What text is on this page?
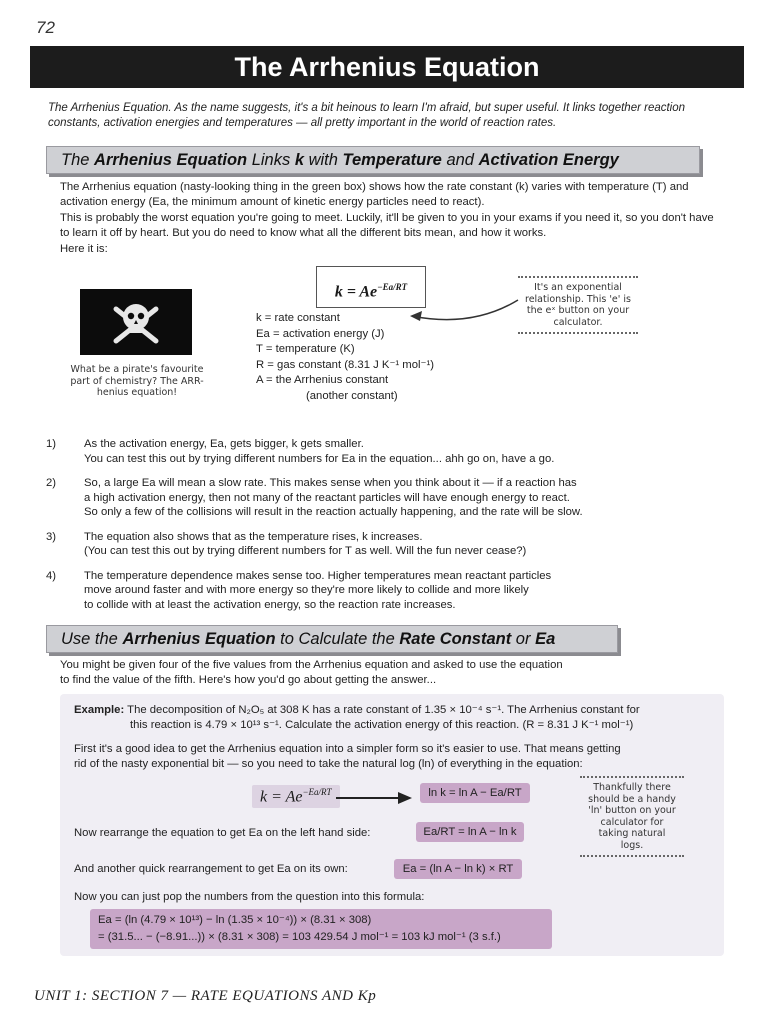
72
The Arrhenius Equation
The Arrhenius Equation. As the name suggests, it's a bit heinous to learn I'm afraid, but super useful. It links together reaction constants, activation energies and temperatures — all pretty important in the world of reaction rates.
The Arrhenius Equation Links k with Temperature and Activation Energy

The Arrhenius equation (nasty-looking thing in the green box) shows how the rate constant (k) varies with temperature (T) and activation energy (Ea, the minimum amount of kinetic energy particles need to react).

This is probably the worst equation you're going to meet. Luckily, it'll be given to you in your exams if you need it, so you don't have to learn it off by heart. But you do need to know what all the different bits mean, and how it works.

Here it is:

What be a pirate's favourite part of chemistry? The ARR-henius equation!
$k = Ae^{-Ea/RT}$
k = rate constant
Ea = activation energy (J)
T = temperature (K)
R = gas constant (8.31 J K⁻¹ mol⁻¹)
A = the Arrhenius constant
(another constant)
It's an exponential relationship. This 'e' is the eˣ button on your calculator.
1) As the activation energy, Ea, gets bigger, k gets smaller.
You can test this out by trying different numbers for Ea in the equation... ahh go on, have a go.
2) So, a large Ea will mean a slow rate. This makes sense when you think about it — if a reaction has
a high activation energy, then not many of the reactant particles will have enough energy to react.
So only a few of the collisions will result in the reaction actually happening, and the rate will be slow.
3) The equation also shows that as the temperature rises, k increases.
(You can test this out by trying different numbers for T as well. Will the fun never cease?)
4) The temperature dependence makes sense too. Higher temperatures mean reactant particles
move around faster and with more energy so they're more likely to collide and more likely
to collide with at least the activation energy, so the reaction rate increases.
Use the Arrhenius Equation to Calculate the Rate Constant or Ea
You might be given four of the five values from the Arrhenius equation and asked to use the equation
to find the value of the fifth. Here's how you'd go about getting the answer...
Example: The decomposition of N₂O₅ at 308 K has a rate constant of 1.35 × 10⁻⁴ s⁻¹. The Arrhenius constant for
this reaction is 4.79 × 10¹³ s⁻¹. Calculate the activation energy of this reaction. (R = 8.31 J K⁻¹ mol⁻¹)
First it's a good idea to get the Arrhenius equation into a simpler form so it's easier to use. That means getting
rid of the nasty exponential bit — so you need to take the natural log (ln) of everything in the equation:
$k = Ae^{-Ea/RT}$	ln k = ln A − Ea/RT	Thankfully there should be a handy 'ln' button on your calculator for taking natural logs.
Now rearrange the equation to get Ea on the left hand side:	Ea/RT = ln A − ln k
And another quick rearrangement to get Ea on its own:	Ea = (ln A − ln k) × RT
Now you can just pop the numbers from the question into this formula:
Ea = (ln (4.79 × 10¹³) − ln (1.35 × 10⁻⁴)) × (8.31 × 308)
= (31.5... − (−8.91...)) × (8.31 × 308) = 103 429.54 J mol⁻¹ = 103 kJ mol⁻¹ (3 s.f.)
UNIT 1: SECTION 7 — RATE EQUATIONS AND Kp
